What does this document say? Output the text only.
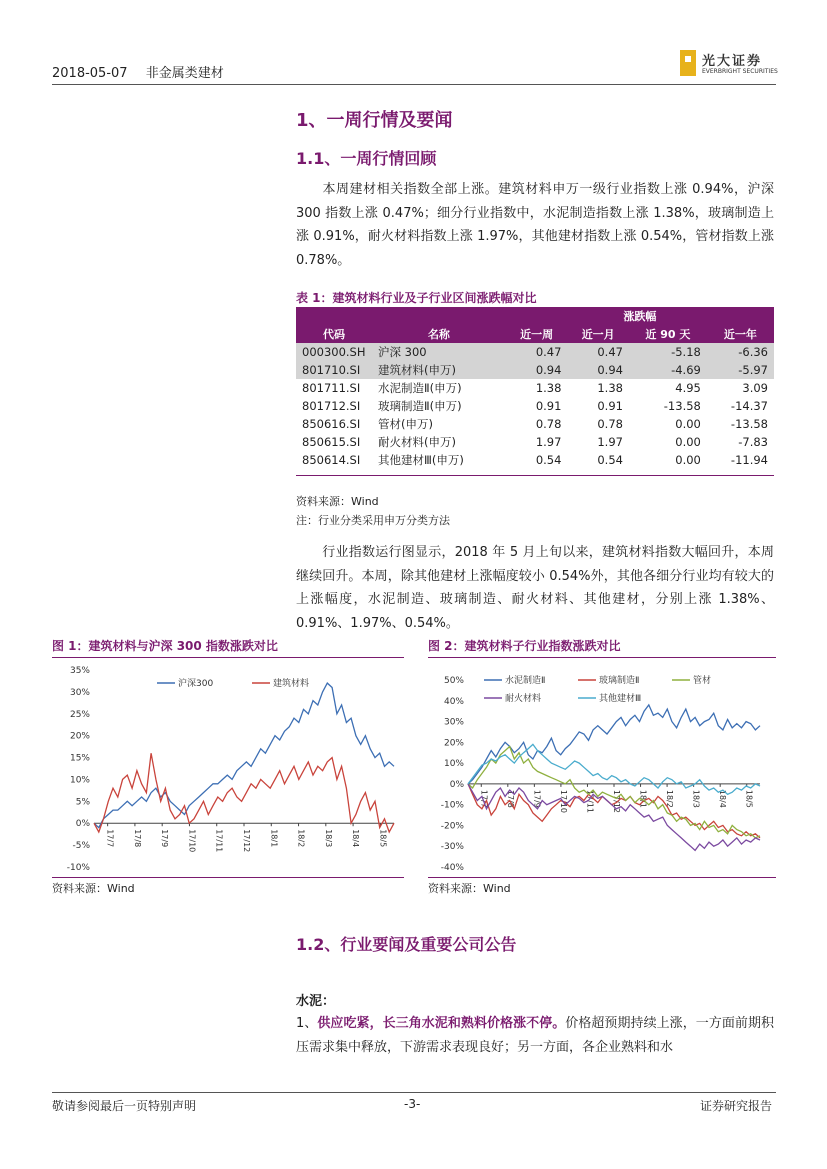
2018-05-07 非金属类建材
光大证券
EVERBRIGHT SECURITIES
1、一周行情及要闻
1.1、一周行情回顾
本周建材相关指数全部上涨。建筑材料申万一级行业指数上涨 0.94%，沪深 300 指数上涨 0.47%；细分行业指数中，水泥制造指数上涨 1.38%，玻璃制造上涨 0.91%，耐火材料指数上涨 1.97%，其他建材指数上涨 0.54%，管材指数上涨 0.78%。
表 1：建筑材料行业及子行业区间涨跌幅对比
		涨跌幅			
代码	名称	近一周	近一月	近 90 天	近一年
000300.SH	沪深 300	0.47	0.47	-5.18	-6.36
801710.SI	建筑材料(申万)	0.94	0.94	-4.69	-5.97
801711.SI	水泥制造Ⅱ(申万)	1.38	1.38	4.95	3.09
801712.SI	玻璃制造Ⅱ(申万)	0.91	0.91	-13.58	-14.37
850616.SI	管材(申万)	0.78	0.78	0.00	-13.58
850615.SI	耐火材料(申万)	1.97	1.97	0.00	-7.83
850614.SI	其他建材Ⅲ(申万)	0.54	0.54	0.00	-11.94
资料来源：Wind
注：行业分类采用申万分类方法
行业指数运行图显示，2018 年 5 月上旬以来，建筑材料指数大幅回升，本周继续回升。本周，除其他建材上涨幅度较小 0.54%外，其他各细分行业均有较大的上涨幅度，水泥制造、玻璃制造、耐火材料、其他建材，分别上涨 1.38%、0.91%、1.97%、0.54%。
图 1：建筑材料与沪深 300 指数涨跌对比	图 2：建筑材料子行业指数涨跌对比
35%
30%
25%
20%
15%
10%
5%
0%
-5%
-10%
17/7 17/8 17/9 17/10 17/11 17/12 18/1 18/2 18/3 18/4 18/5
沪深300	建筑材料	50%
40%
30%
20%
10%
0%
-10%
-20%
-30%
-40%
17/7 17/8 17/9 17/10 17/11 17/12 18/1 18/2 18/3 18/4 18/5
水泥制造Ⅱ	玻璃制造Ⅱ	管材
耐火材料	其他建材Ⅲ
资料来源：Wind	资料来源：Wind
1.2、行业要闻及重要公司公告
水泥：
1、供应吃紧，长三角水泥和熟料价格涨不停。价格超预期持续上涨，一方面前期积压需求集中释放，下游需求表现良好；另一方面，各企业熟料和水
敬请参阅最后一页特别声明	-3-	证券研究报告
